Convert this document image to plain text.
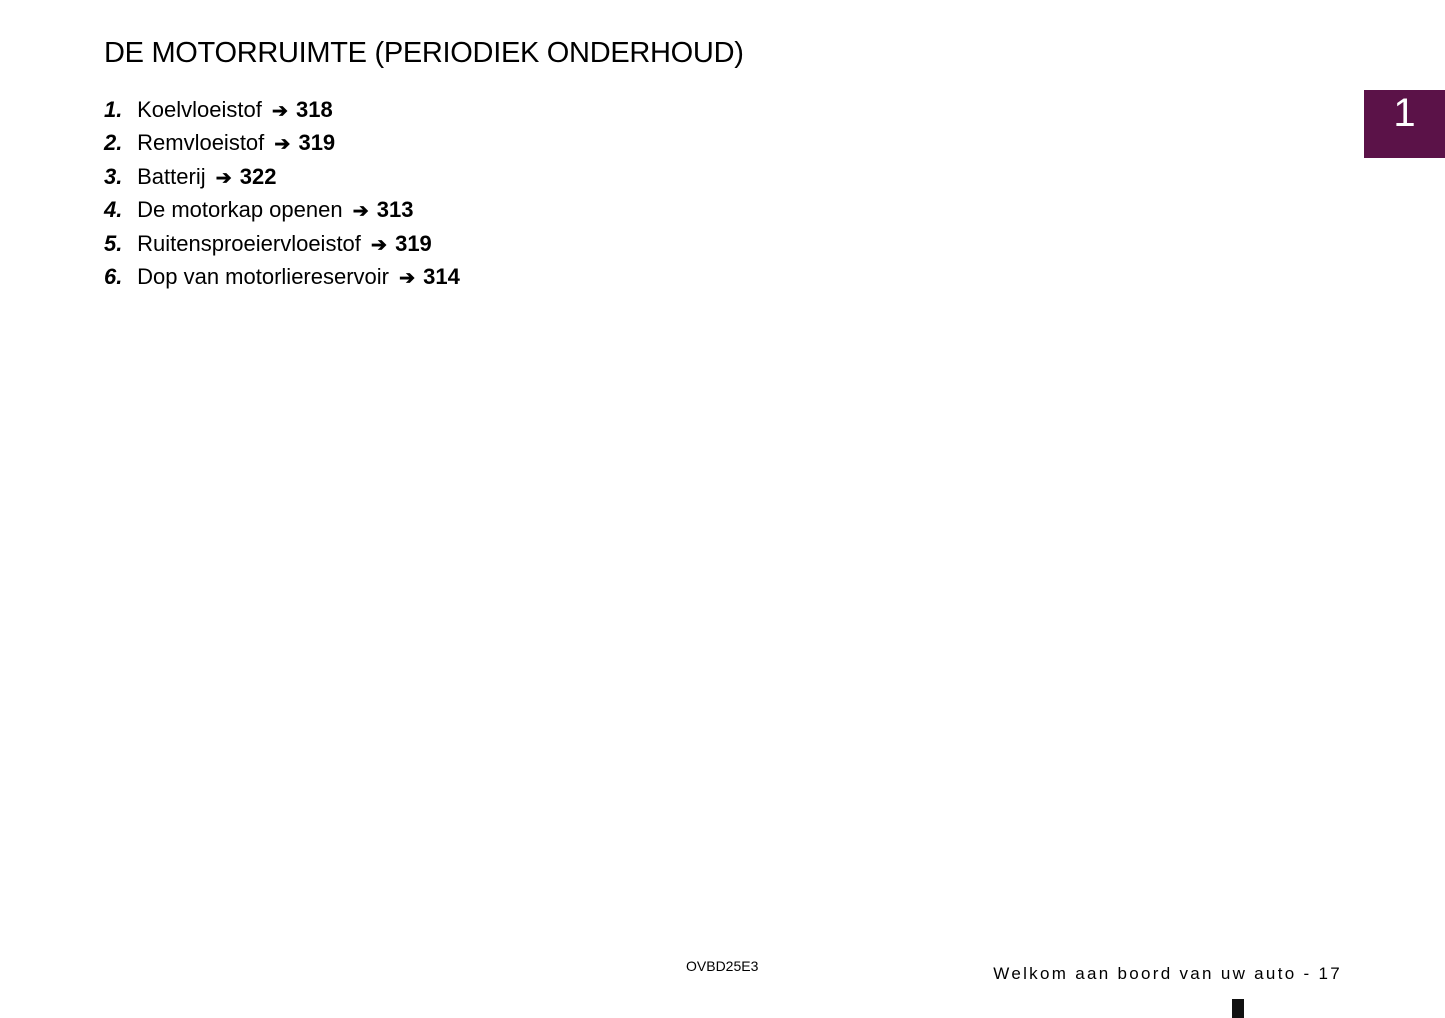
DE MOTORRUIMTE (PERIODIEK ONDERHOUD)
1. Koelvloeistof ➔ 318
2. Remvloeistof ➔ 319
3. Batterij ➔ 322
4. De motorkap openen ➔ 313
5. Ruitensproeiervloeistof ➔ 319
6. Dop van motorliereservoir ➔ 314
1
OVBD25E3	Welkom aan boord van uw auto - 17
